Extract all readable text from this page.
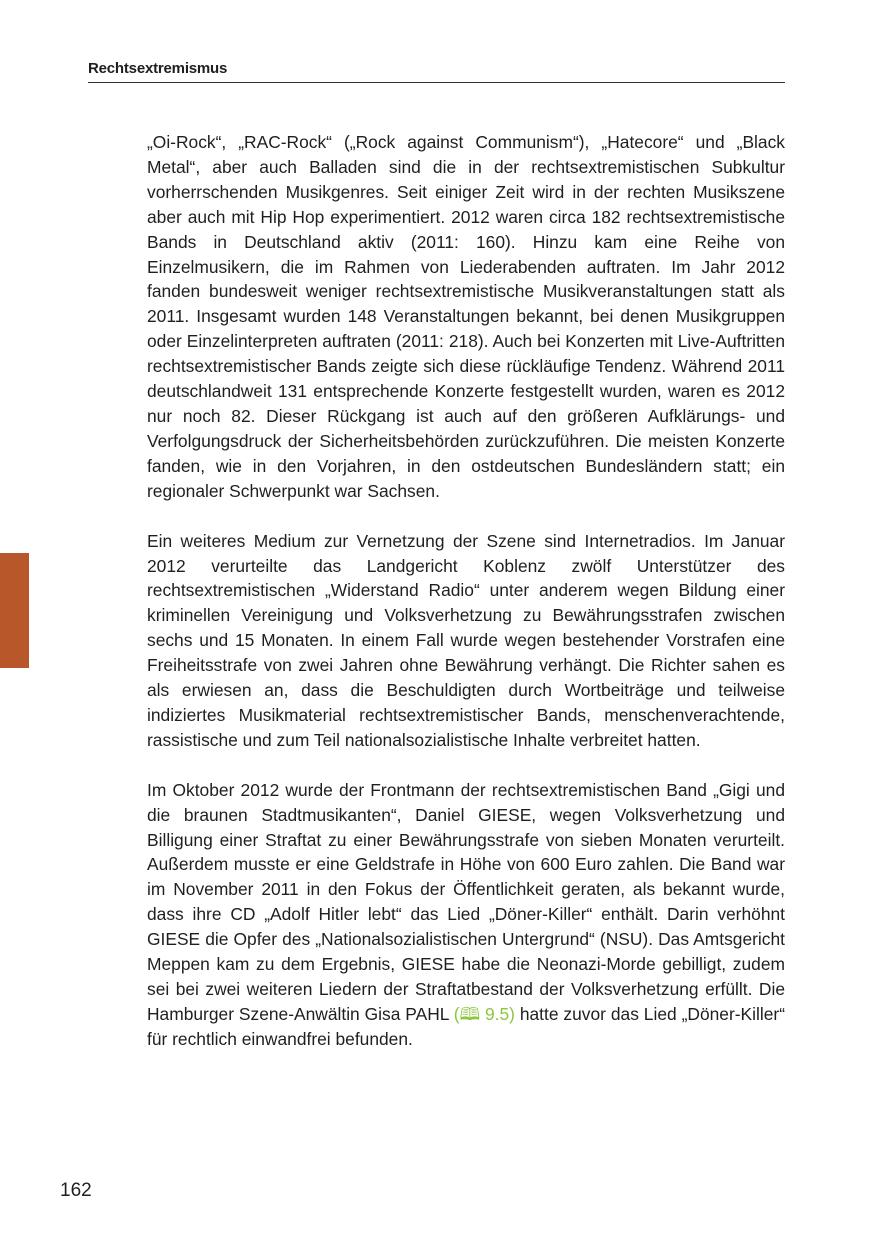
Rechtsextremismus

„Oi-Rock“, „RAC-Rock“ („Rock against Communism“), „Hatecore“ und „Black Metal“, aber auch Balladen sind die in der rechtsextremistischen Subkultur vorherrschenden Musikgenres. Seit einiger Zeit wird in der rechten Musikszene aber auch mit Hip Hop experimentiert. 2012 waren circa 182 rechtsextremistische Bands in Deutschland aktiv (2011: 160). Hinzu kam eine Reihe von Einzelmusikern, die im Rahmen von Liederabenden auftraten. Im Jahr 2012 fanden bundesweit weniger rechtsextremistische Musikveranstaltungen statt als 2011. Insgesamt wurden 148 Veranstaltungen bekannt, bei denen Musikgruppen oder Einzelinterpreten auftraten (2011: 218). Auch bei Konzerten mit Live-Auftritten rechtsextremistischer Bands zeigte sich diese rückläufige Tendenz. Während 2011 deutschlandweit 131 entsprechende Konzerte festgestellt wurden, waren es 2012 nur noch 82. Dieser Rückgang ist auch auf den größeren Aufklärungs- und Verfolgungsdruck der Sicherheitsbehörden zurückzuführen. Die meisten Konzerte fanden, wie in den Vorjahren, in den ostdeutschen Bundesländern statt; ein regionaler Schwerpunkt war Sachsen.

Ein weiteres Medium zur Vernetzung der Szene sind Internetradios. Im Januar 2012 verurteilte das Landgericht Koblenz zwölf Unterstützer des rechtsextremistischen „Widerstand Radio“ unter anderem wegen Bildung einer kriminellen Vereinigung und Volksverhetzung zu Bewährungsstrafen zwischen sechs und 15 Monaten. In einem Fall wurde wegen bestehender Vorstrafen eine Freiheitsstrafe von zwei Jahren ohne Bewährung verhängt. Die Richter sahen es als erwiesen an, dass die Beschuldigten durch Wortbeiträge und teilweise indiziertes Musikmaterial rechtsextremistischer Bands, menschenverachtende, rassistische und zum Teil nationalsozialistische Inhalte verbreitet hatten.

Im Oktober 2012 wurde der Frontmann der rechtsextremistischen Band „Gigi und die braunen Stadtmusikanten“, Daniel GIESE, wegen Volksverhetzung und Billigung einer Straftat zu einer Bewährungsstrafe von sieben Monaten verurteilt. Außerdem musste er eine Geldstrafe in Höhe von 600 Euro zahlen. Die Band war im November 2011 in den Fokus der Öffentlichkeit geraten, als bekannt wurde, dass ihre CD „Adolf Hitler lebt“ das Lied „Döner-Killer“ enthält. Darin verhöhnt GIESE die Opfer des „Nationalsozialistischen Untergrund“ (NSU). Das Amtsgericht Meppen kam zu dem Ergebnis, GIESE habe die Neonazi-Morde gebilligt, zudem sei bei zwei weiteren Liedern der Straftatbestand der Volksverhetzung erfüllt. Die Hamburger Szene-Anwältin Gisa PAHL (🕮 9.5) hatte zuvor das Lied „Döner-Killer“ für rechtlich einwandfrei befunden.

162
